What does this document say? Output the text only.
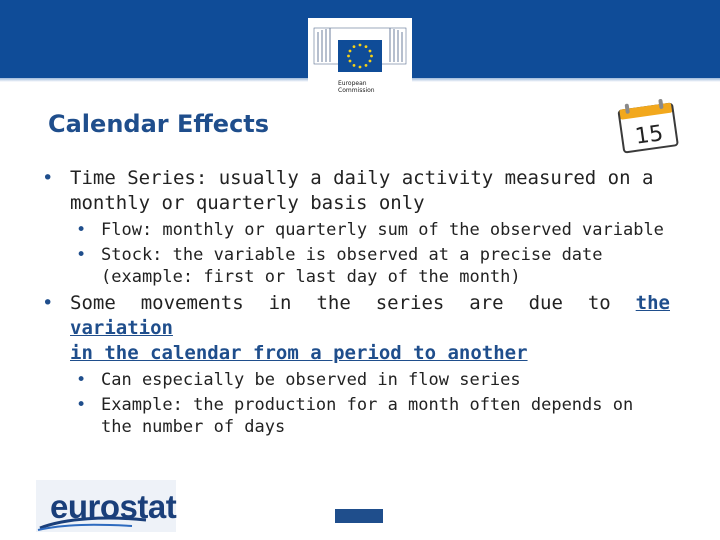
European
Commission
Calendar Effects	15
• Time Series: usually a daily activity measured on a
monthly or quarterly basis only
• Flow: monthly or quarterly sum of the observed variable
• Stock: the variable is observed at a precise date
(example: first or last day of the month)
• Some movements in the series are due to the variation
in the calendar from a period to another
• Can especially be observed in flow series
• Example: the production for a month often depends on
the number of days
eurostat
